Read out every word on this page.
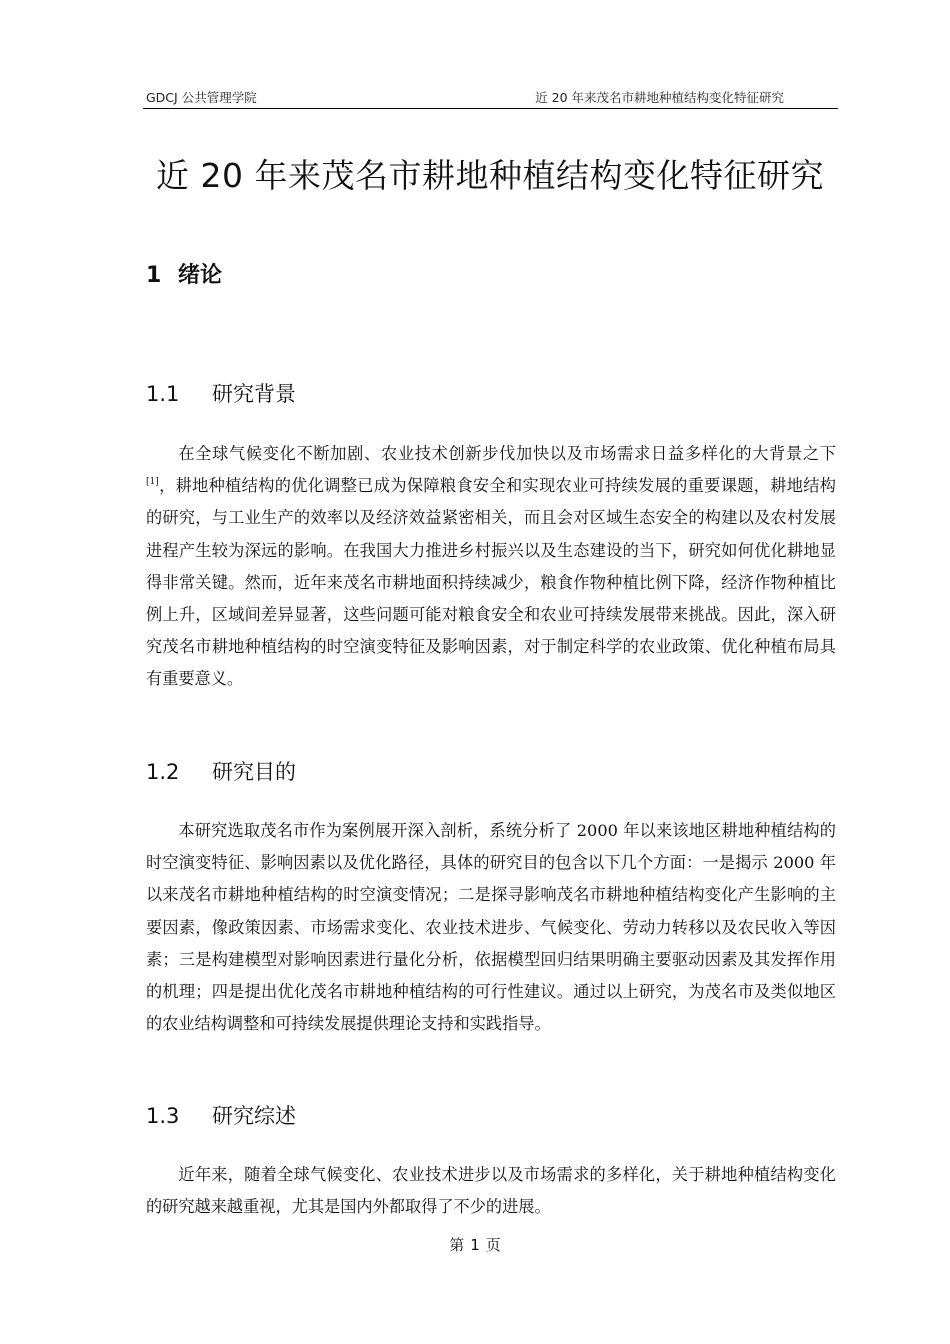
GDCJ 公共管理学院	近 20 年来茂名市耕地种植结构变化特征研究
近 20 年来茂名市耕地种植结构变化特征研究
1 绪论
1.1 研究背景
在全球气候变化不断加剧、农业技术创新步伐加快以及市场需求日益多样化的大背景之下[1]，耕地种植结构的优化调整已成为保障粮食安全和实现农业可持续发展的重要课题，耕地结构的研究，与工业生产的效率以及经济效益紧密相关，而且会对区域生态安全的构建以及农村发展进程产生较为深远的影响。在我国大力推进乡村振兴以及生态建设的当下，研究如何优化耕地显得非常关键。然而，近年来茂名市耕地面积持续减少，粮食作物种植比例下降，经济作物种植比例上升，区域间差异显著，这些问题可能对粮食安全和农业可持续发展带来挑战。因此，深入研究茂名市耕地种植结构的时空演变特征及影响因素，对于制定科学的农业政策、优化种植布局具有重要意义。
1.2 研究目的
本研究选取茂名市作为案例展开深入剖析，系统分析了 2000 年以来该地区耕地种植结构的时空演变特征、影响因素以及优化路径，具体的研究目的包含以下几个方面：一是揭示 2000 年以来茂名市耕地种植结构的时空演变情况；二是探寻影响茂名市耕地种植结构变化产生影响的主要因素，像政策因素、市场需求变化、农业技术进步、气候变化、劳动力转移以及农民收入等因素；三是构建模型对影响因素进行量化分析，依据模型回归结果明确主要驱动因素及其发挥作用的机理；四是提出优化茂名市耕地种植结构的可行性建议。通过以上研究，为茂名市及类似地区的农业结构调整和可持续发展提供理论支持和实践指导。
1.3 研究综述
近年来，随着全球气候变化、农业技术进步以及市场需求的多样化，关于耕地种植结构变化的研究越来越重视，尤其是国内外都取得了不少的进展。
第 1 页
